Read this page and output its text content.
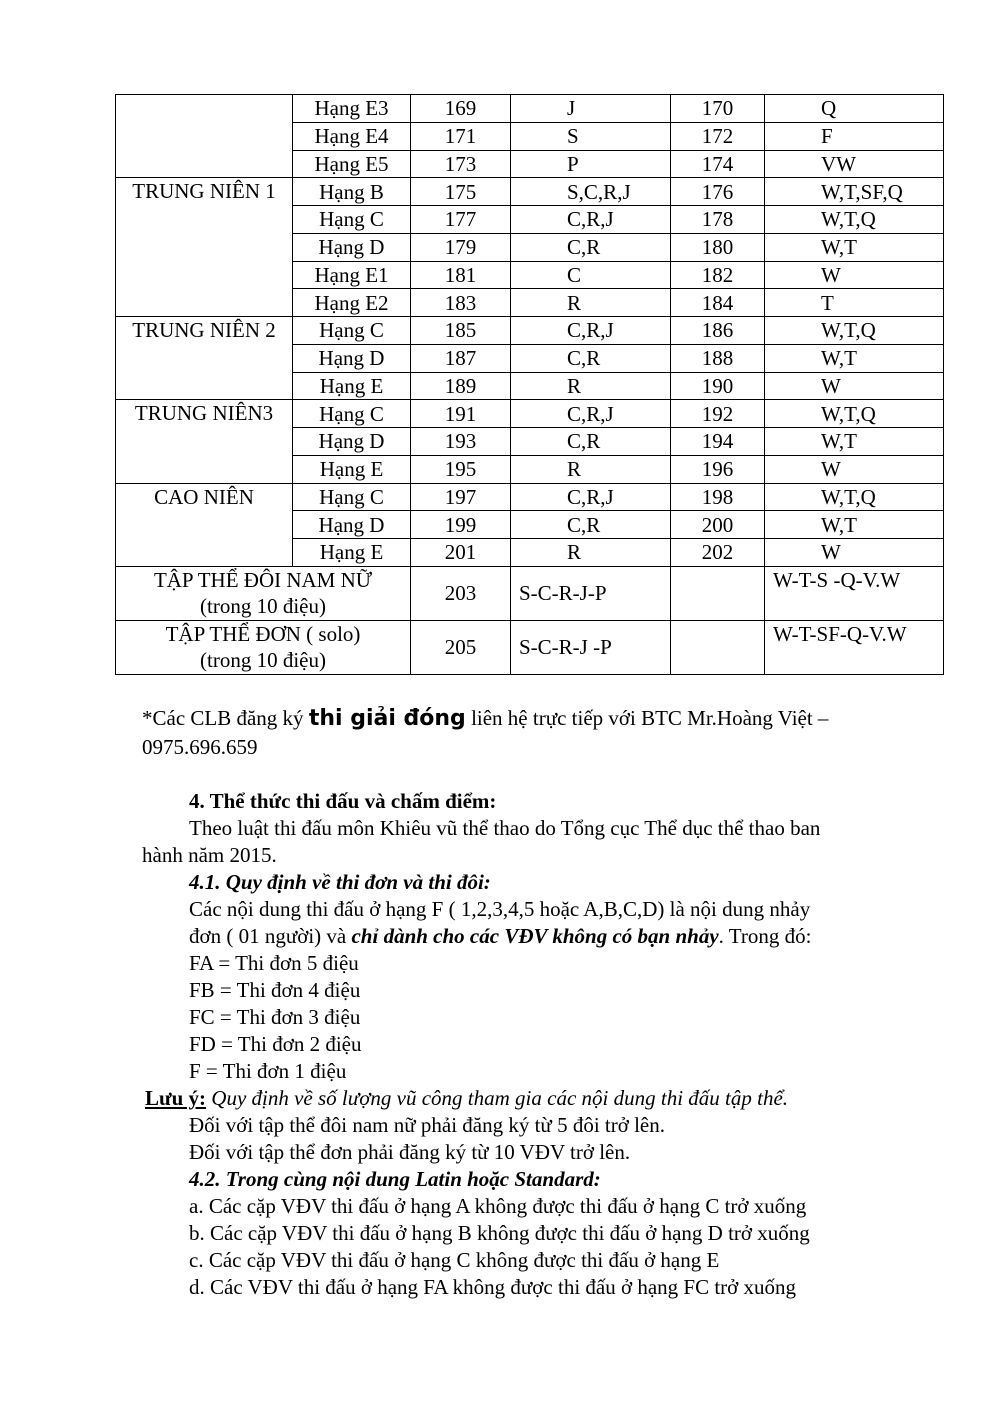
	Hạng E3	169	J	170	Q
	Hạng E4	171	S	172	F
	Hạng E5	173	P	174	VW
TRUNG NIÊN 1	Hạng B	175	S,C,R,J	176	W,T,SF,Q
	Hạng C	177	C,R,J	178	W,T,Q
	Hạng D	179	C,R	180	W,T
	Hạng E1	181	C	182	W
	Hạng E2	183	R	184	T
TRUNG NIÊN 2	Hạng C	185	C,R,J	186	W,T,Q
	Hạng D	187	C,R	188	W,T
	Hạng E	189	R	190	W
TRUNG NIÊN3	Hạng C	191	C,R,J	192	W,T,Q
	Hạng D	193	C,R	194	W,T
	Hạng E	195	R	196	W
CAO NIÊN	Hạng C	197	C,R,J	198	W,T,Q
	Hạng D	199	C,R	200	W,T
	Hạng E	201	R	202	W

TẬP THỂ ĐÔI NAM NỮ
(trong 10 điệu)		203	S-C-R-J-P		W-T-S -Q-V.W

TẬP THỂ ĐƠN ( solo)
(trong 10 điệu)		205	S-C-R-J -P		W-T-SF-Q-V.W
*Các CLB đăng ký thi giải đóng liên hệ trực tiếp với BTC Mr.Hoàng Việt –
0975.696.659

4. Thể thức thi đấu và chấm điểm:

Theo luật thi đấu môn Khiêu vũ thể thao do Tổng cục Thể dục thể thao ban

hành năm 2015.

4.1. Quy định về thi đơn và thi đôi:

Các nội dung thi đấu ở hạng F ( 1,2,3,4,5 hoặc A,B,C,D) là nội dung nhảy

đơn ( 01 người) và chỉ dành cho các VĐV không có bạn nhảy. Trong đó:

FA = Thi đơn 5 điệu

FB = Thi đơn 4 điệu

FC = Thi đơn 3 điệu

FD = Thi đơn 2 điệu

F = Thi đơn 1 điệu

Lưu ý: Quy định về số lượng vũ công tham gia các nội dung thi đấu tập thể.

Đối với tập thể đôi nam nữ phải đăng ký từ 5 đôi trở lên.

Đối với tập thể đơn phải đăng ký từ 10 VĐV trở lên.

4.2. Trong cùng nội dung Latin hoặc Standard:

a. Các cặp VĐV thi đấu ở hạng A không được thi đấu ở hạng C trở xuống

b. Các cặp VĐV thi đấu ở hạng B không được thi đấu ở hạng D trở xuống

c. Các cặp VĐV thi đấu ở hạng C không được thi đấu ở hạng E

d. Các VĐV thi đấu ở hạng FA không được thi đấu ở hạng FC trở xuống
